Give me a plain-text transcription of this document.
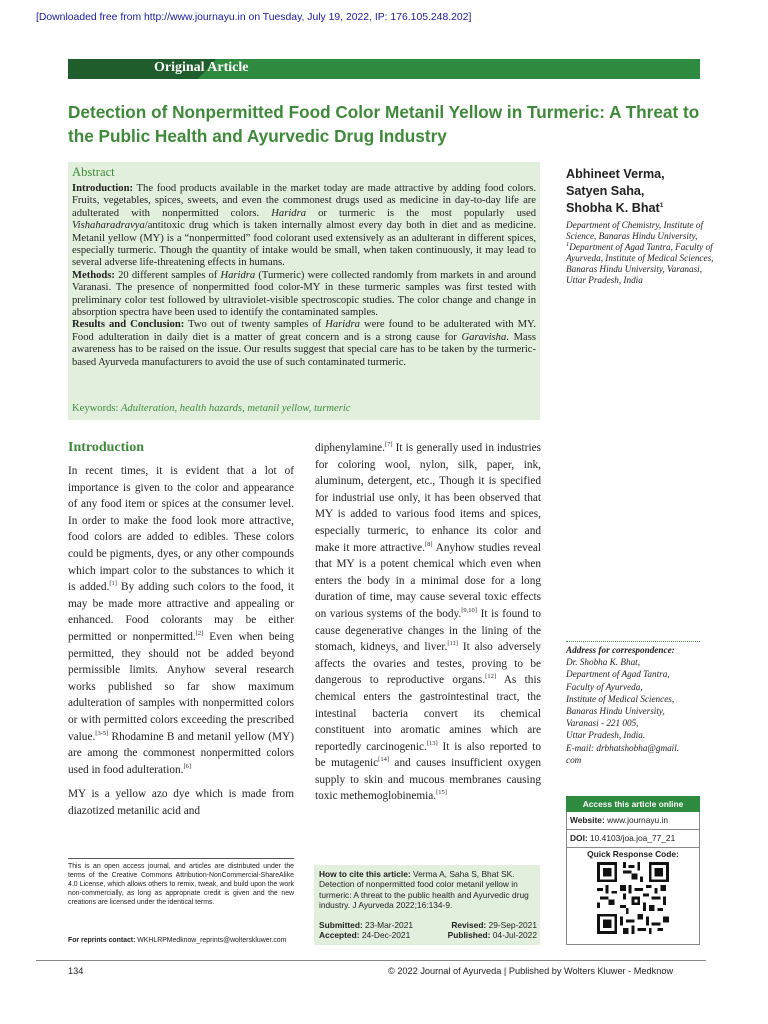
[Downloaded free from http://www.journayu.in on Tuesday, July 19, 2022, IP: 176.105.248.202]
Original Article
Detection of Nonpermitted Food Color Metanil Yellow in Turmeric: A Threat to the Public Health and Ayurvedic Drug Industry
Abstract

Introduction: The food products available in the market today are made attractive by adding food colors. Fruits, vegetables, spices, sweets, and even the commonest drugs used as medicine in day-to-day life are adulterated with nonpermitted colors. Haridra or turmeric is the most popularly used Vishaharadravya/antitoxic drug which is taken internally almost every day both in diet and as medicine. Metanil yellow (MY) is a “nonpermitted” food colorant used extensively as an adulterant in different spices, especially turmeric. Though the quantity of intake would be small, when taken continuously, it may lead to several adverse life-threatening effects in humans.

Methods: 20 different samples of Haridra (Turmeric) were collected randomly from markets in and around Varanasi. The presence of nonpermitted food color-MY in these turmeric samples was first tested with preliminary color test followed by ultraviolet-visible spectroscopic studies. The color change and change in absorption spectra have been used to identify the contaminated samples.

Results and Conclusion: Two out of twenty samples of Haridra were found to be adulterated with MY. Food adulteration in daily diet is a matter of great concern and is a strong cause for Garavisha. Mass awareness has to be raised on the issue. Our results suggest that special care has to be taken by the turmeric-based Ayurveda manufacturers to avoid the use of such contaminated turmeric.

Keywords: Adulteration, health hazards, metanil yellow, turmeric
Abhineet Verma,
Satyen Saha,
Shobha K. Bhat$^1$
Department of Chemistry, Institute of Science, Banaras Hindu University, $^1$Department of Agad Tantra, Faculty of Ayurveda, Institute of Medical Sciences, Banaras Hindu University, Varanasi, Uttar Pradesh, India
Address for correspondence:
Dr. Shobha K. Bhat,
Department of Agad Tantra,
Faculty of Ayurveda,
Institute of Medical Sciences,
Banaras Hindu University,
Varanasi - 221 005,
Uttar Pradesh, India.
E-mail: drbhatshobha@gmail.
com
Access this article online
Website: www.journayu.in
DOI: 10.4103/joa.joa_77_21
Quick Response Code:
Introduction

In recent times, it is evident that a lot of importance is given to the color and appearance of any food item or spices at the consumer level. In order to make the food look more attractive, food colors are added to edibles. These colors could be pigments, dyes, or any other compounds which impart color to the substances to which it is added.[1] By adding such colors to the food, it may be made more attractive and appealing or enhanced. Food colorants may be either permitted or nonpermitted.[2] Even when being permitted, they should not be added beyond permissible limits. Anyhow several research works published so far show maximum adulteration of samples with nonpermitted colors or with permitted colors exceeding the prescribed value.[3-5] Rhodamine B and metanil yellow (MY) are among the commonest nonpermitted colors used in food adulteration.[6]

MY is a yellow azo dye which is made from diazotized metanilic acid and

diphenylamine.[7] It is generally used in industries for coloring wool, nylon, silk, paper, ink, aluminum, detergent, etc., Though it is specified for industrial use only, it has been observed that MY is added to various food items and spices, especially turmeric, to enhance its color and make it more attractive.[8] Anyhow studies reveal that MY is a potent chemical which even when enters the body in a minimal dose for a long duration of time, may cause several toxic effects on various systems of the body.[9,10] It is found to cause degenerative changes in the lining of the stomach, kidneys, and liver.[11] It also adversely affects the ovaries and testes, proving to be dangerous to reproductive organs.[12] As this chemical enters the gastrointestinal tract, the intestinal bacteria convert its chemical constituent into aromatic amines which are reportedly carcinogenic.[13] It is also reported to be mutagenic[14] and causes insufficient oxygen supply to skin and mucous membranes causing toxic methemoglobinemia.[15]

This is an open access journal, and articles are distributed under the terms of the Creative Commons Attribution-NonCommercial-ShareAlike 4.0 License, which allows others to remix, tweak, and build upon the work non-commercially, as long as appropriate credit is given and the new creations are licensed under the identical terms.
For reprints contact: WKHLRPMedknow_reprints@wolterskluwer.com
How to cite this article: Verma A, Saha S, Bhat SK. Detection of nonpermitted food color metanil yellow in turmeric: A threat to the public health and Ayurvedic drug industry. J Ayurveda 2022;16:134-9.
Submitted: 23-Mar-2021	Revised: 29-Sep-2021
Accepted: 24-Dec-2021	Published: 04-Jul-2022
134	© 2022 Journal of Ayurveda | Published by Wolters Kluwer - Medknow
